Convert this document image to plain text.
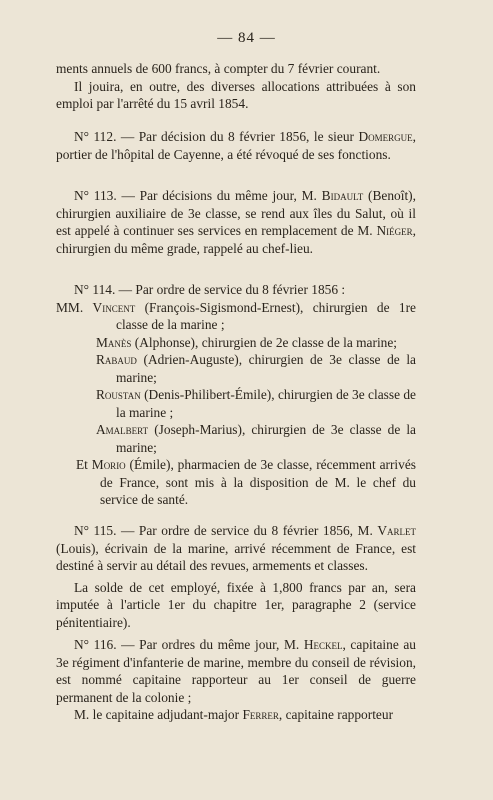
— 84 —

ments annuels de 600 francs, à compter du 7 février courant.

Il jouira, en outre, des diverses allocations attribuées à son emploi par l'arrêté du 15 avril 1854.

N° 112. — Par décision du 8 février 1856, le sieur Domergue, portier de l'hôpital de Cayenne, a été révoqué de ses fonctions.

N° 113. — Par décisions du même jour, M. Bidault (Benoît), chirurgien auxiliaire de 3e classe, se rend aux îles du Salut, où il est appelé à continuer ses services en remplacement de M. Niéger, chirurgien du même grade, rappelé au chef-lieu.

N° 114. — Par ordre de service du 8 février 1856 :

MM. Vincent (François-Sigismond-Ernest), chirurgien de 1re classe de la marine ;

Manès (Alphonse), chirurgien de 2e classe de la marine;

Rabaud (Adrien-Auguste), chirurgien de 3e classe de la marine;

Roustan (Denis-Philibert-Émile), chirurgien de 3e classe de la marine ;

Amalbert (Joseph-Marius), chirurgien de 3e classe de la marine;

Et Morio (Émile), pharmacien de 3e classe, récemment arrivés de France, sont mis à la disposition de M. le chef du service de santé.

N° 115. — Par ordre de service du 8 février 1856, M. Varlet (Louis), écrivain de la marine, arrivé récemment de France, est destiné à servir au détail des revues, armements et classes.

La solde de cet employé, fixée à 1,800 francs par an, sera imputée à l'article 1er du chapitre 1er, paragraphe 2 (service pénitentiaire).

N° 116. — Par ordres du même jour, M. Heckel, capitaine au 3e régiment d'infanterie de marine, membre du conseil de révision, est nommé capitaine rapporteur au 1er conseil de guerre permanent de la colonie ;

M. le capitaine adjudant-major Ferrer, capitaine rapporteur
